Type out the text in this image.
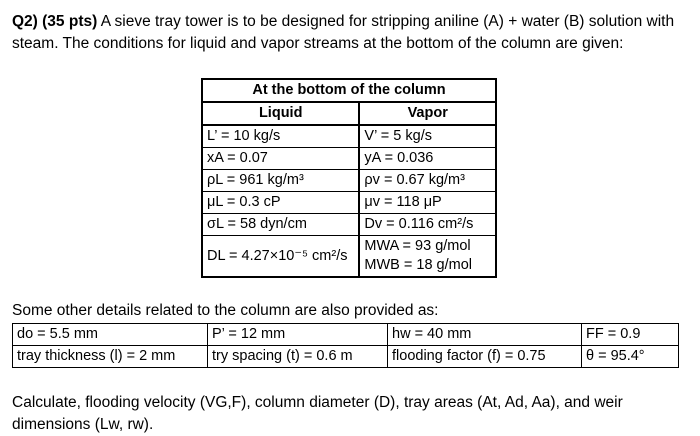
Q2) (35 pts) A sieve tray tower is to be designed for stripping aniline (A) + water (B) solution with steam. The conditions for liquid and vapor streams at the bottom of the column are given:

At the bottom of the column	
Liquid	Vapor
L’ = 10 kg/s	V’ = 5 kg/s
xA = 0.07	yA = 0.036
ρL = 961 kg/m³	ρv = 0.67 kg/m³
μL = 0.3 cP	μv = 118 μP
σL = 58 dyn/cm	Dv = 0.116 cm²/s
DL = 4.27×10⁻⁵ cm²/s	MWA = 93 g/mol
MWB = 18 g/mol

Some other details related to the column are also provided as:

do = 5.5 mm	P’ = 12 mm	hw = 40 mm	FF = 0.9
tray thickness (l) = 2 mm	try spacing (t) = 0.6 m	flooding factor (f) = 0.75	θ = 95.4°

Calculate, flooding velocity (VG,F), column diameter (D), tray areas (At, Ad, Aa), and weir dimensions (Lw, rw).
